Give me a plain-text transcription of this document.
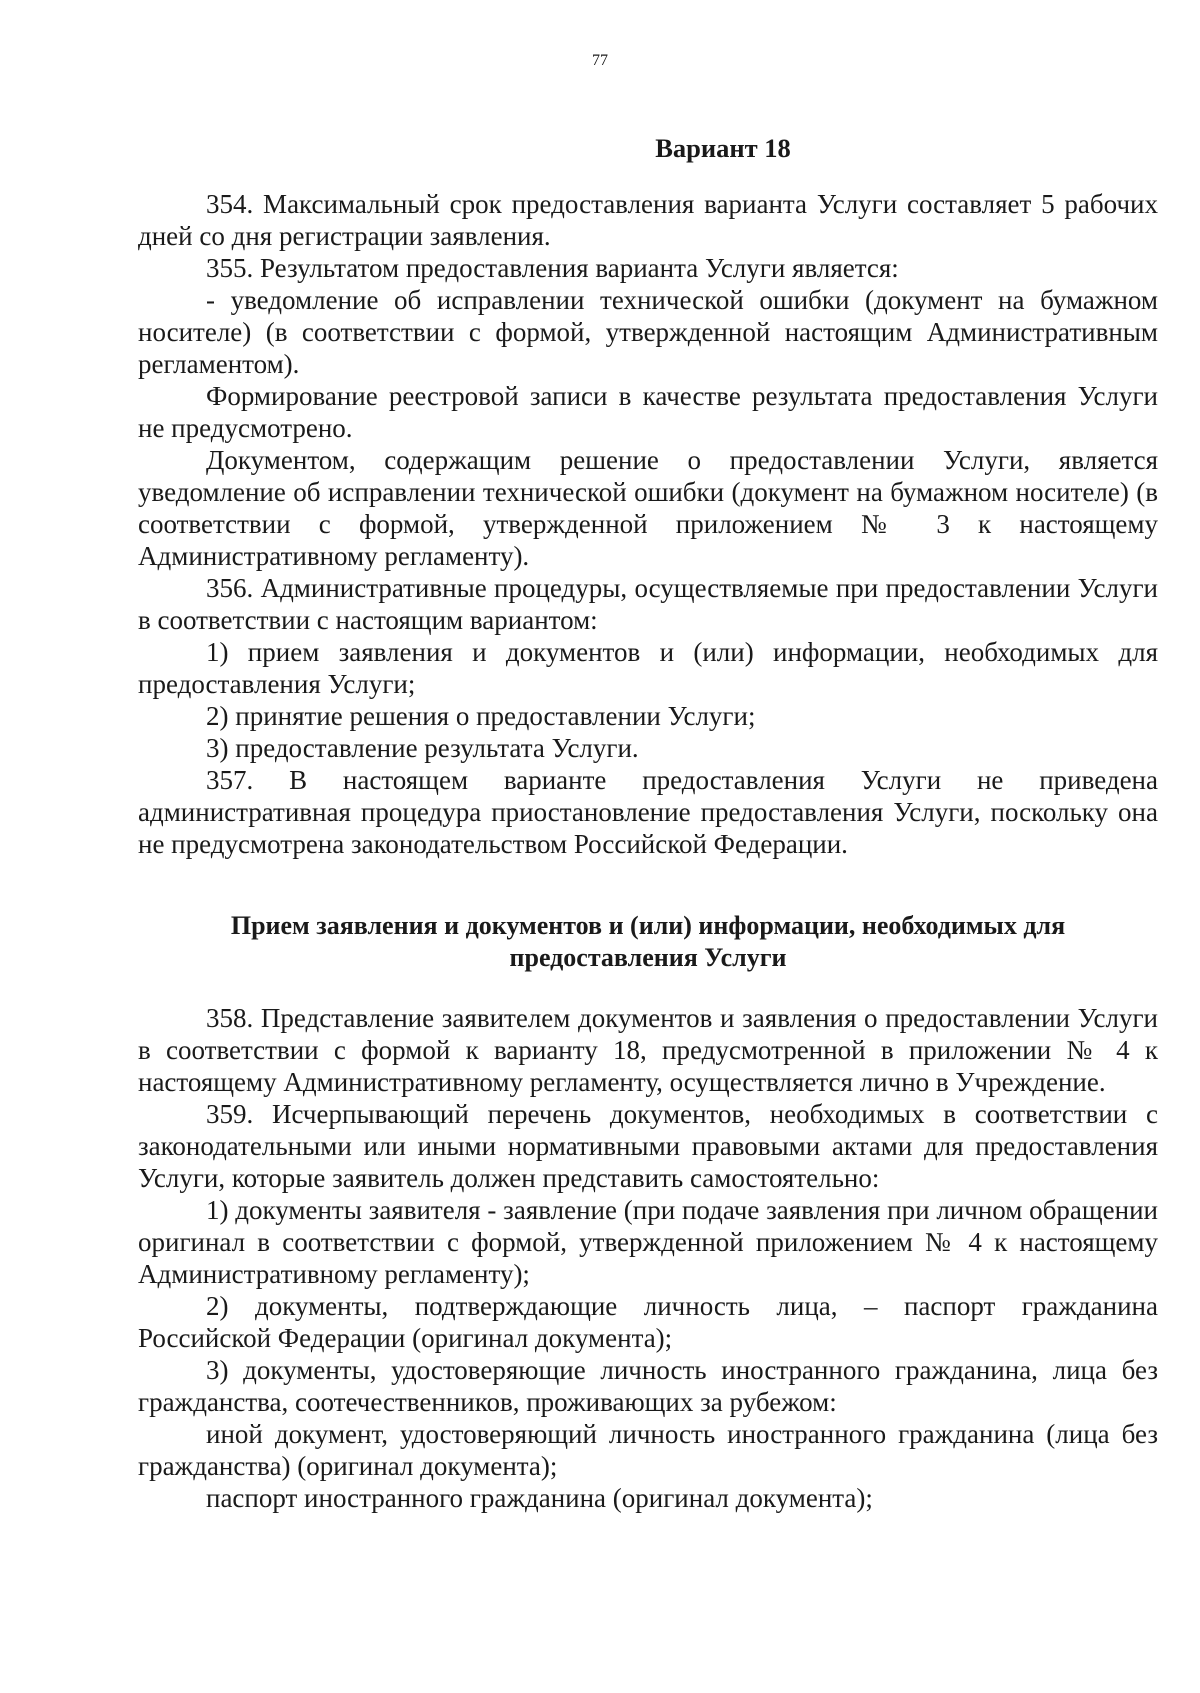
77
Вариант 18

354. Максимальный срок предоставления варианта Услуги составляет 5 рабочих дней со дня регистрации заявления.

355. Результатом предоставления варианта Услуги является:

- уведомление об исправлении технической ошибки (документ на бумажном носителе) (в соответствии с формой, утвержденной настоящим Административным регламентом).

Формирование реестровой записи в качестве результата предоставления Услуги не предусмотрено.

Документом, содержащим решение о предоставлении Услуги, является уведомление об исправлении технической ошибки (документ на бумажном носителе) (в соответствии с формой, утвержденной приложением № 3 к настоящему Административному регламенту).

356. Административные процедуры, осуществляемые при предоставлении Услуги в соответствии с настоящим вариантом:

1) прием заявления и документов и (или) информации, необходимых для предоставления Услуги;

2) принятие решения о предоставлении Услуги;

3) предоставление результата Услуги.

357. В настоящем варианте предоставления Услуги не приведена административная процедура приостановление предоставления Услуги, поскольку она не предусмотрена законодательством Российской Федерации.

Прием заявления и документов и (или) информации, необходимых для предоставления Услуги

358. Представление заявителем документов и заявления о предоставлении Услуги в соответствии с формой к варианту 18, предусмотренной в приложении № 4 к настоящему Административному регламенту, осуществляется лично в Учреждение.

359. Исчерпывающий перечень документов, необходимых в соответствии с законодательными или иными нормативными правовыми актами для предоставления Услуги, которые заявитель должен представить самостоятельно:

1) документы заявителя - заявление (при подаче заявления при личном обращении оригинал в соответствии с формой, утвержденной приложением № 4 к настоящему Административному регламенту);

2) документы, подтверждающие личность лица, – паспорт гражданина Российской Федерации (оригинал документа);

3) документы, удостоверяющие личность иностранного гражданина, лица без гражданства, соотечественников, проживающих за рубежом:

иной документ, удостоверяющий личность иностранного гражданина (лица без гражданства) (оригинал документа);

паспорт иностранного гражданина (оригинал документа);
